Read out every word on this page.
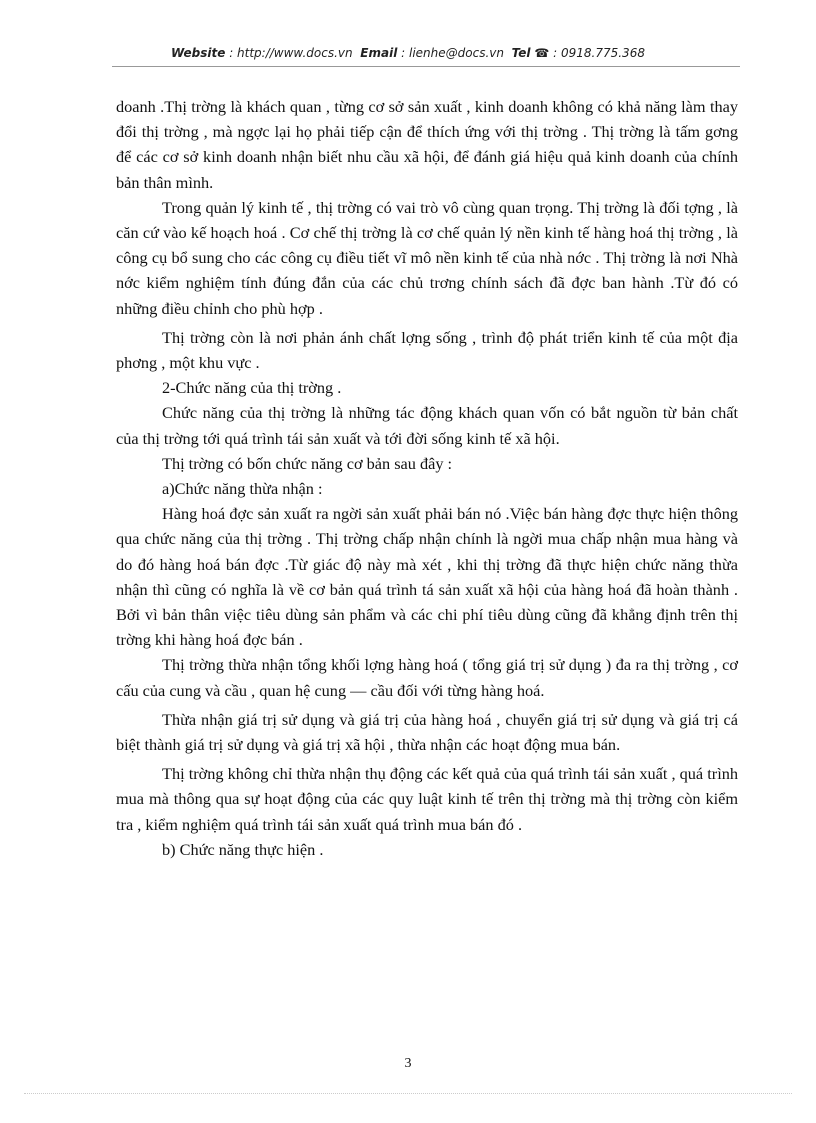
Website : http://www.docs.vn Email : lienhe@docs.vn Tel ☎ : 0918.775.368

doanh .Thị trờng là khách quan , từng cơ sở sản xuất , kinh doanh không có khả năng làm thay đổi thị trờng , mà ngợc lại họ phải tiếp cận để thích ứng với thị trờng . Thị trờng là tấm gơng để các cơ sở kinh doanh nhận biết nhu cầu xã hội, để đánh giá hiệu quả kinh doanh của chính bản thân mình.

Trong quản lý kinh tế , thị trờng có vai trò vô cùng quan trọng. Thị trờng là đối tợng , là căn cứ vào kế hoạch hoá . Cơ chế thị trờng là cơ chế quản lý nền kinh tế hàng hoá thị trờng , là công cụ bổ sung cho các công cụ điều tiết vĩ mô nền kinh tế của nhà nớc . Thị trờng là nơi Nhà nớc kiểm nghiệm tính đúng đắn của các chủ trơng chính sách đã đợc ban hành .Từ đó có những điều chỉnh cho phù hợp .

Thị trờng còn là nơi phản ánh chất lợng sống , trình độ phát triển kinh tế của một địa phơng , một khu vực .

2-Chức năng của thị trờng .

Chức năng của thị trờng là những tác động khách quan vốn có bắt nguồn từ bản chất của thị trờng tới quá trình tái sản xuất và tới đời sống kinh tế xã hội.

Thị trờng có bốn chức năng cơ bản sau đây :

a)Chức năng thừa nhận :

Hàng hoá đợc sản xuất ra ngời sản xuất phải bán nó .Việc bán hàng đợc thực hiện thông qua chức năng của thị trờng . Thị trờng chấp nhận chính là ngời mua chấp nhận mua hàng và do đó hàng hoá bán đợc .Từ giác độ này mà xét , khi thị trờng đã thực hiện chức năng thừa nhận thì cũng có nghĩa là về cơ bản quá trình tá sản xuất xã hội của hàng hoá đã hoàn thành . Bởi vì bản thân việc tiêu dùng sản phẩm và các chi phí tiêu dùng cũng đã khẳng định trên thị trờng khi hàng hoá đợc bán .

Thị trờng thừa nhận tổng khối lợng hàng hoá ( tổng giá trị sử dụng ) đa ra thị trờng , cơ cấu của cung và cầu , quan hệ cung — cầu đối với từng hàng hoá.

Thừa nhận giá trị sử dụng và giá trị của hàng hoá , chuyển giá trị sử dụng và giá trị cá biệt thành giá trị sử dụng và giá trị xã hội , thừa nhận các hoạt động mua bán.

Thị trờng không chỉ thừa nhận thụ động các kết quả của quá trình tái sản xuất , quá trình mua mà thông qua sự hoạt động của các quy luật kinh tế trên thị trờng mà thị trờng còn kiểm tra , kiểm nghiệm quá trình tái sản xuất quá trình mua bán đó .

b) Chức năng thực hiện .

3
